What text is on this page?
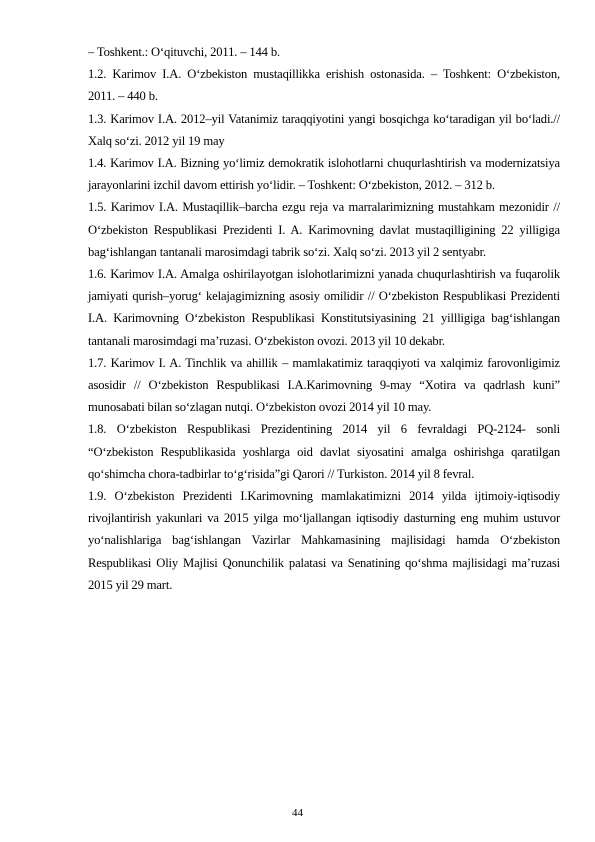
– Toshkent.: O‘qituvchi, 2011. – 144 b.

1.2. Karimov I.A. O‘zbekiston mustaqillikka erishish ostonasida. – Toshkent: O‘zbekiston, 2011. – 440 b.

1.3. Karimov I.A. 2012–yil Vatanimiz taraqqiyotini yangi bosqichga ko‘taradigan yil bo‘ladi.// Xalq so‘zi. 2012 yil 19 may

1.4. Karimov I.A. Bizning yo‘limiz demokratik islohotlarni chuqurlashtirish va modernizatsiya jarayonlarini izchil davom ettirish yo‘lidir. – Toshkent: O‘zbekiston, 2012. – 312 b.

1.5. Karimov I.A. Mustaqillik–barcha ezgu reja va marralarimizning mustahkam mezonidir // O‘zbekiston Respublikasi Prezidenti I. A. Karimovning davlat mustaqilligining 22 yilligiga bag‘ishlangan tantanali marosimdagi tabrik so‘zi. Xalq so‘zi. 2013 yil 2 sentyabr.

1.6. Karimov I.A. Amalga oshirilayotgan islohotlarimizni yanada chuqurlashtirish va fuqarolik jamiyati qurish–yorug‘ kelajagimizning asosiy omilidir // O‘zbekiston Respublikasi Prezidenti I.A. Karimovning O‘zbekiston Respublikasi Konstitutsiyasining 21 yillligiga bag‘ishlangan tantanali marosimdagi ma’ruzasi. O‘zbekiston ovozi. 2013 yil 10 dekabr.

1.7. Karimov I. A. Tinchlik va ahillik – mamlakatimiz taraqqiyoti va xalqimiz farovonligimiz asosidir // O‘zbekiston Respublikasi I.A.Karimovning 9-may “Xotira va qadrlash kuni” munosabati bilan so‘zlagan nutqi. O‘zbekiston ovozi 2014 yil 10 may.

1.8. O‘zbekiston Respublikasi Prezidentining 2014 yil 6 fevraldagi PQ-2124- sonli “O‘zbekiston Respublikasida yoshlarga oid davlat siyosatini amalga oshirishga qaratilgan qo‘shimcha chora-tadbirlar to‘g‘risida”gi Qarori // Turkiston. 2014 yil 8 fevral.

1.9. O‘zbekiston Prezidenti I.Karimovning mamlakatimizni 2014 yilda ijtimoiy-iqtisodiy rivojlantirish yakunlari va 2015 yilga mo‘ljallangan iqtisodiy dasturning eng muhim ustuvor yo‘nalishlariga bag‘ishlangan Vazirlar Mahkamasining majlisidagi hamda O‘zbekiston Respublikasi Oliy Majlisi Qonunchilik palatasi va Senatining qo‘shma majlisidagi ma’ruzasi 2015 yil 29 mart.

44
